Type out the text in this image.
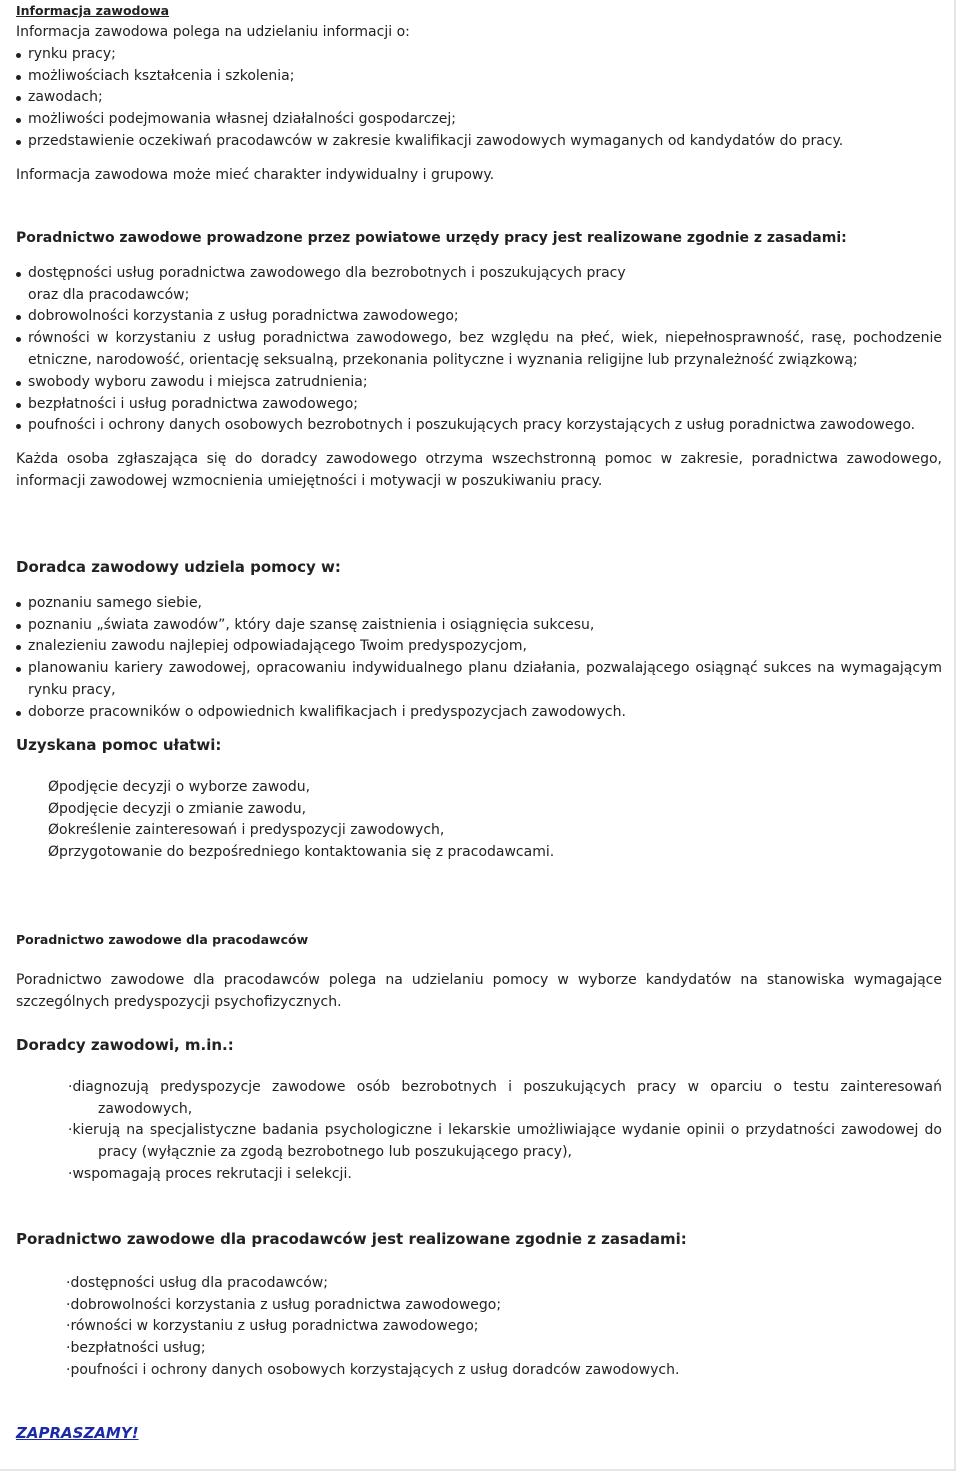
Informacja zawodowa

Informacja zawodowa polega na udzielaniu informacji o:

rynku pracy;
możliwościach kształcenia i szkolenia;
zawodach;
możliwości podejmowania własnej działalności gospodarczej;
przedstawienie oczekiwań pracodawców w zakresie kwalifikacji zawodowych wymaganych od kandydatów do pracy.

Informacja zawodowa może mieć charakter indywidualny i grupowy.

Poradnictwo zawodowe prowadzone przez powiatowe urzędy pracy jest realizowane zgodnie z zasadami:

dostępności usług poradnictwa zawodowego dla bezrobotnych i poszukujących pracy
oraz dla pracodawców;
dobrowolności korzystania z usług poradnictwa zawodowego;
równości w korzystaniu z usług poradnictwa zawodowego, bez względu na płeć, wiek, niepełnosprawność, rasę, pochodzenie etniczne, narodowość, orientację seksualną, przekonania polityczne i wyznania religijne lub przynależność związkową;
swobody wyboru zawodu i miejsca zatrudnienia;
bezpłatności i usług poradnictwa zawodowego;
poufności i ochrony danych osobowych bezrobotnych i poszukujących pracy korzystających z usług poradnictwa zawodowego.

Każda osoba zgłaszająca się do doradcy zawodowego otrzyma wszechstronną pomoc w zakresie, poradnictwa zawodowego, informacji zawodowej wzmocnienia umiejętności i motywacji w poszukiwaniu pracy.

Doradca zawodowy udziela pomocy w:

poznaniu samego siebie,
poznaniu „świata zawodów”, który daje szansę zaistnienia i osiągnięcia sukcesu,
znalezieniu zawodu najlepiej odpowiadającego Twoim predyspozycjom,
planowaniu kariery zawodowej, opracowaniu indywidualnego planu działania, pozwalającego osiągnąć sukces na wymagającym rynku pracy,
doborze pracowników o odpowiednich kwalifikacjach i predyspozycjach zawodowych.

Uzyskana pomoc ułatwi:

Øpodjęcie decyzji o wyborze zawodu,
Øpodjęcie decyzji o zmianie zawodu,
Øokreślenie zainteresowań i predyspozycji zawodowych,
Øprzygotowanie do bezpośredniego kontaktowania się z pracodawcami.

Poradnictwo zawodowe dla pracodawców

Poradnictwo zawodowe dla pracodawców polega na udzielaniu pomocy w wyborze kandydatów na stanowiska wymagające szczególnych predyspozycji psychofizycznych.

Doradcy zawodowi, m.in.:

·diagnozują predyspozycje zawodowe osób bezrobotnych i poszukujących pracy w oparciu o testu zainteresowań zawodowych,
·kierują na specjalistyczne badania psychologiczne i lekarskie umożliwiające wydanie opinii o przydatności zawodowej do pracy (wyłącznie za zgodą bezrobotnego lub poszukującego pracy),
·wspomagają proces rekrutacji i selekcji.

Poradnictwo zawodowe dla pracodawców jest realizowane zgodnie z zasadami:

·dostępności usług dla pracodawców;
·dobrowolności korzystania z usług poradnictwa zawodowego;
·równości w korzystaniu z usług poradnictwa zawodowego;
·bezpłatności usług;
·poufności i ochrony danych osobowych korzystających z usług doradców zawodowych.
ZAPRASZAMY!
